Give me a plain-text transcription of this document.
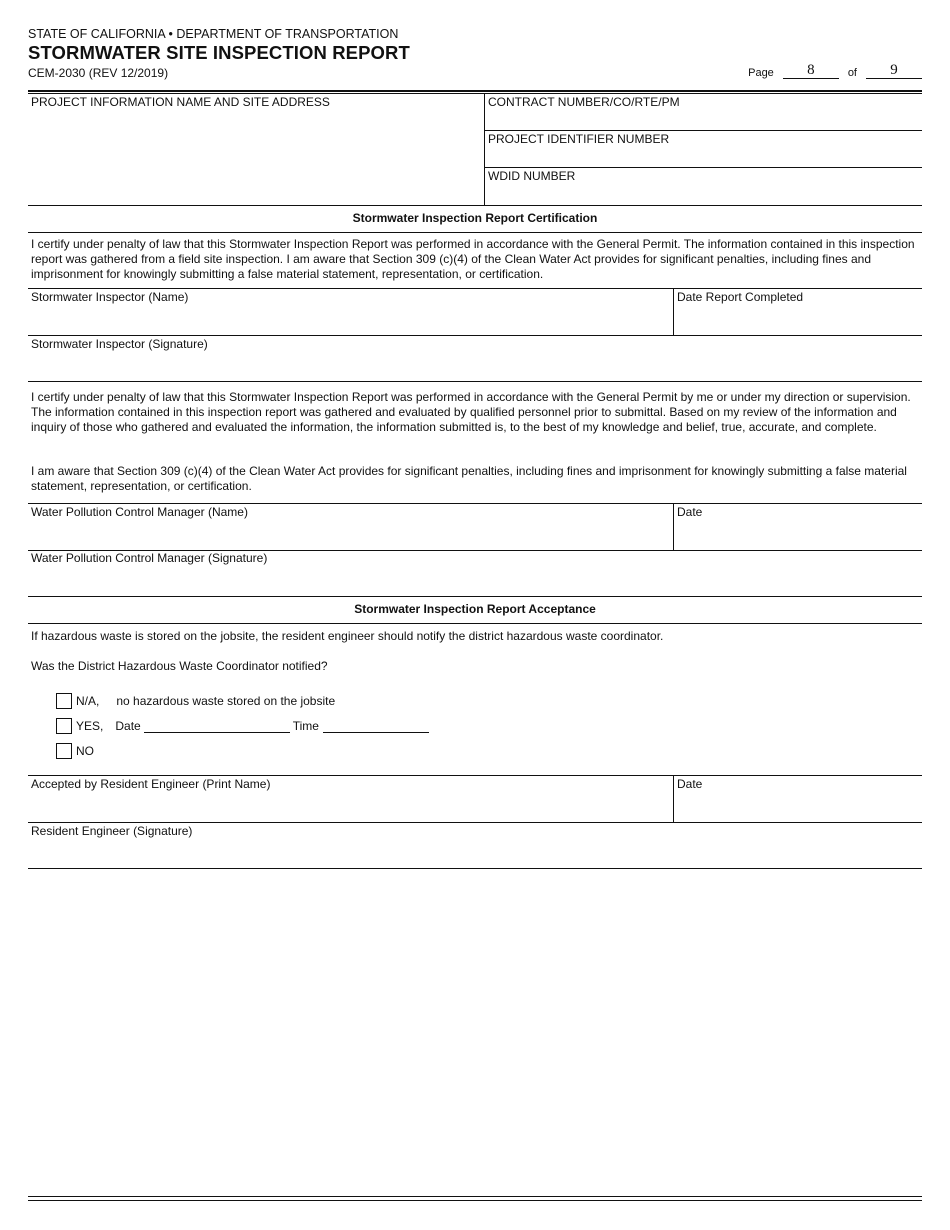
STATE OF CALIFORNIA • DEPARTMENT OF TRANSPORTATION
STORMWATER SITE INSPECTION REPORT
CEM-2030 (REV 12/2019)	Page	8	of	9
PROJECT INFORMATION NAME AND SITE ADDRESS	CONTRACT NUMBER/CO/RTE/PM
PROJECT IDENTIFIER NUMBER
WDID NUMBER
Stormwater Inspection Report Certification
I certify under penalty of law that this Stormwater Inspection Report was performed in accordance with the General Permit. The information contained in this inspection report was gathered from a field site inspection. I am aware that Section 309 (c)(4) of the Clean Water Act provides for significant penalties, including fines and imprisonment for knowingly submitting a false material statement, representation, or certification.
Stormwater Inspector (Name)	Date Report Completed
Stormwater Inspector (Signature)
I certify under penalty of law that this Stormwater Inspection Report was performed in accordance with the General Permit by me or under my direction or supervision. The information contained in this inspection report was gathered and evaluated by qualified personnel prior to submittal. Based on my review of the information and inquiry of those who gathered and evaluated the information, the information submitted is, to the best of my knowledge and belief, true, accurate, and complete.
I am aware that Section 309 (c)(4) of the Clean Water Act provides for significant penalties, including fines and imprisonment for knowingly submitting a false material statement, representation, or certification.
Water Pollution Control Manager (Name)	Date
Water Pollution Control Manager (Signature)
Stormwater Inspection Report Acceptance
If hazardous waste is stored on the jobsite, the resident engineer should notify the district hazardous waste coordinator.
Was the District Hazardous Waste Coordinator notified?
N/A, no hazardous waste stored on the jobsite
YES, Date	Time
NO
Accepted by Resident Engineer (Print Name)	Date
Resident Engineer (Signature)
